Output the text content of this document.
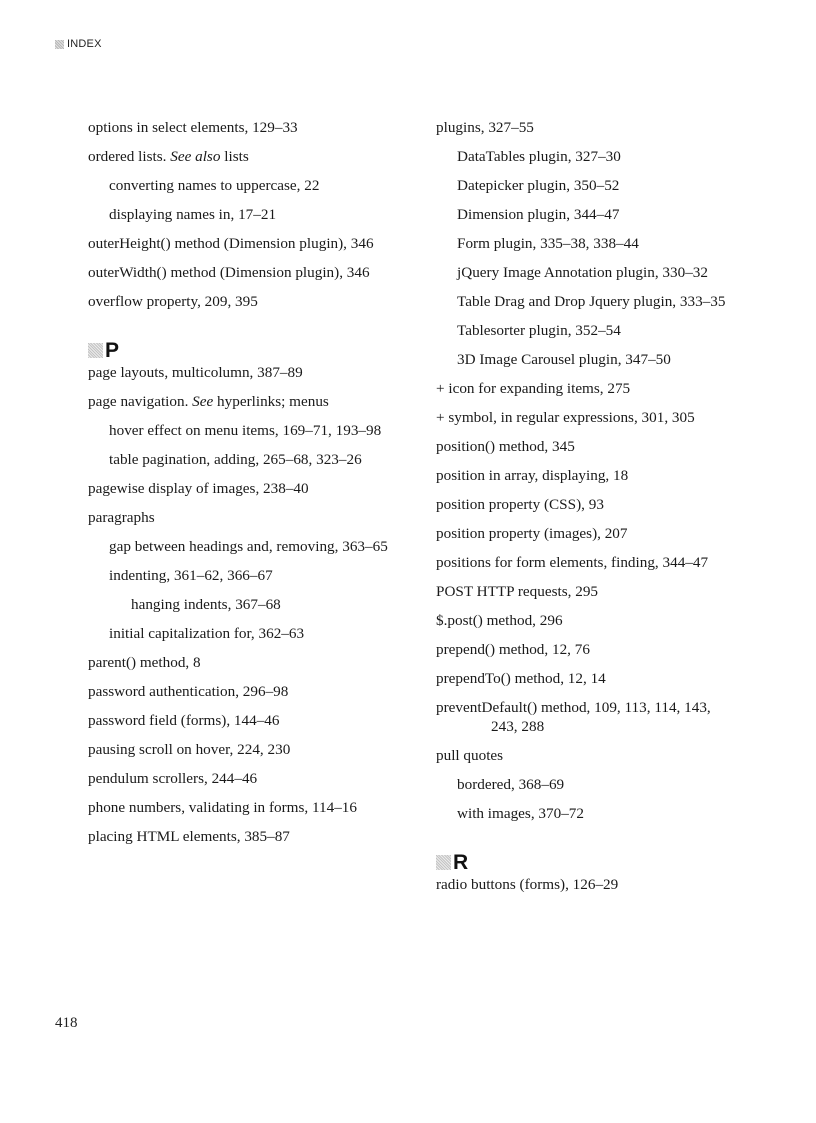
INDEX
options in select elements, 129–33
ordered lists. See also lists
converting names to uppercase, 22
displaying names in, 17–21
outerHeight() method (Dimension plugin), 346
outerWidth() method (Dimension plugin), 346
overflow property, 209, 395
P
page layouts, multicolumn, 387–89
page navigation. See hyperlinks; menus
hover effect on menu items, 169–71, 193–98
table pagination, adding, 265–68, 323–26
pagewise display of images, 238–40
paragraphs
gap between headings and, removing, 363–65
indenting, 361–62, 366–67
hanging indents, 367–68
initial capitalization for, 362–63
parent() method, 8
password authentication, 296–98
password field (forms), 144–46
pausing scroll on hover, 224, 230
pendulum scrollers, 244–46
phone numbers, validating in forms, 114–16
placing HTML elements, 385–87
plugins, 327–55
DataTables plugin, 327–30
Datepicker plugin, 350–52
Dimension plugin, 344–47
Form plugin, 335–38, 338–44
jQuery Image Annotation plugin, 330–32
Table Drag and Drop Jquery plugin, 333–35
Tablesorter plugin, 352–54
3D Image Carousel plugin, 347–50
+ icon for expanding items, 275
+ symbol, in regular expressions, 301, 305
position() method, 345
position in array, displaying, 18
position property (CSS), 93
position property (images), 207
positions for form elements, finding, 344–47
POST HTTP requests, 295
$.post() method, 296
prepend() method, 12, 76
prependTo() method, 12, 14
preventDefault() method, 109, 113, 114, 143, 243, 288
pull quotes
bordered, 368–69
with images, 370–72
R
radio buttons (forms), 126–29
418
